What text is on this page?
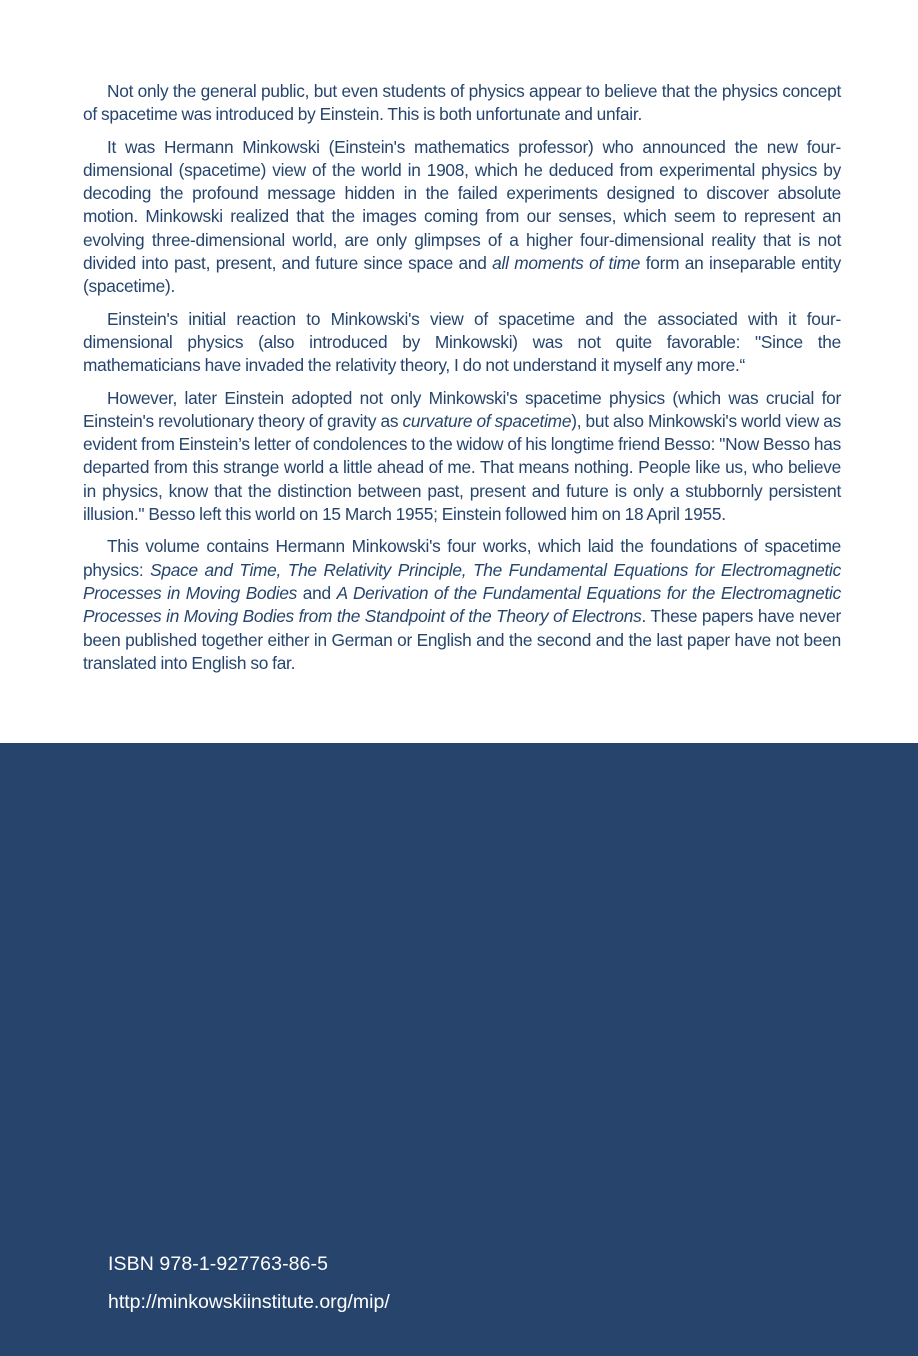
Not only the general public, but even students of physics appear to believe that the physics concept of spacetime was introduced by Einstein. This is both unfortunate and unfair.

It was Hermann Minkowski (Einstein's mathematics professor) who announced the new four-dimensional (spacetime) view of the world in 1908, which he deduced from experimental physics by decoding the profound message hidden in the failed experiments designed to discover absolute motion. Minkowski realized that the images coming from our senses, which seem to represent an evolving three-dimensional world, are only glimpses of a higher four-dimensional reality that is not divided into past, present, and future since space and all moments of time form an inseparable entity (spacetime).

Einstein's initial reaction to Minkowski's view of spacetime and the associated with it four-dimensional physics (also introduced by Minkowski) was not quite favorable: "Since the mathematicians have invaded the relativity theory, I do not understand it myself any more.“

However, later Einstein adopted not only Minkowski's spacetime physics (which was crucial for Einstein's revolutionary theory of gravity as curvature of spacetime), but also Minkowski's world view as evident from Einstein’s letter of condolences to the widow of his longtime friend Besso: "Now Besso has departed from this strange world a little ahead of me. That means nothing. People like us, who believe in physics, know that the distinction between past, present and future is only a stubbornly persistent illusion." Besso left this world on 15 March 1955; Einstein followed him on 18 April 1955.

This volume contains Hermann Minkowski's four works, which laid the foundations of spacetime physics: Space and Time, The Relativity Principle, The Fundamental Equations for Electromagnetic Processes in Moving Bodies and A Derivation of the Fundamental Equations for the Electromagnetic Processes in Moving Bodies from the Standpoint of the Theory of Electrons. These papers have never been published together either in German or English and the second and the last paper have not been translated into English so far.

ISBN 978-1-927763-86-5

http://minkowskiinstitute.org/mip/
